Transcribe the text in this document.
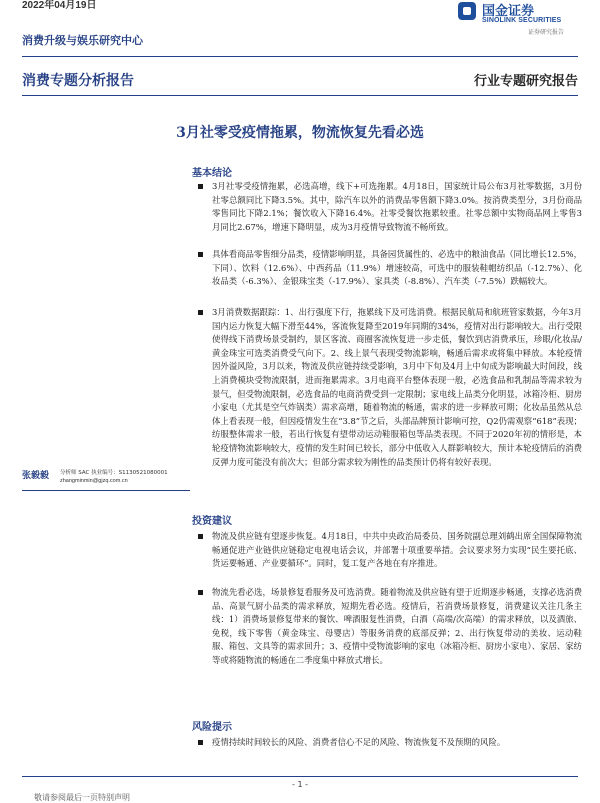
2022年04月19日
消费升级与娱乐研究中心
国金证券
SINOLINK SECURITIES
证券研究报告
消费专题分析报告	行业专题研究报告
3月社零受疫情拖累，物流恢复先看必选
基本结论

3月社零受疫情拖累，必选高增，线下+可选拖累。4月18日，国家统计局公布3月社零数据，3月份社零总额同比下降3.5%。其中，除汽车以外的消费品零售额下降3.0%。按消费类型分，3月份商品零售同比下降2.1%；餐饮收入下降16.4%。社零受餐饮拖累较重。社零总额中实物商品网上零售3月同比2.67%，增速下降明显，成为3月疫情导致物流不畅所致。

具体看商品零售细分品类，疫情影响明显，具备园货属性的、必选中的粮油食品（同比增长12.5%，下同）、饮料（12.6%）、中西药品（11.9%）增速较高，可选中的服装鞋帽纺织品（-12.7%）、化妆品类（-6.3%）、金银珠宝类（-17.9%）、家具类（-8.8%）、汽车类（-7.5%）跌幅较大。

3月消费数据跟踪：1、出行强度下行，拖累线下及可选消费。根据民航局和航班管家数据，今年3月国内运力恢复大幅下滑至44%，客流恢复降至2019年同期的34%，疫情对出行影响较大。出行受限使得线下消费场景受制约，景区客流、商圈客流恢复进一步走低，餐饮到店消费承压，珍眼/化妆品/黄金珠宝可选类消费受气向下。2、线上景气表现受物流影响，畅通后需求或将集中释放。本轮疫情因外溢风险，3月以来，物流及供应链持续受影响，3月中下旬及4月上中旬成为影响最大时间段，线上消费模块受物流限制，进而拖累需求。3月电商平台整体表现一般，必选食品和乳制品等需求较为景气，但受物流限制，必选食品的电商消费受到一定限制；家电线上品类分化明显，冰箱冷柜、厨房小家电（尤其是空气炸锅类）需求高增，随着物流的畅通，需求的进一步释放可期；化妆品虽然从总体上看表现一般，但因疫情发生在“3.8”节之后，头部品牌预计影响可控，Q2仍需观察“618”表现；纺服整体需求一般，若出行恢复有望带动运动鞋服箱包等品类表现。不同于2020年初的情形是，本轮疫情物流影响较大，疫情的发生时间已较长，部分中低收入人群影响较大，预计本轮疫情后的消费反弹力度可能没有前次大；但部分需求较为刚性的品类预计仍将有较好表现。

投资建议

物流及供应链有望逐步恢复。4月18日，中共中央政治局委员、国务院副总理刘鹤出席全国保障物流畅通促进产业链供应链稳定电视电话会议，并部署十项重要举措。会议要求努力实现“民生要托底、货运要畅通、产业要循环”。同时，复工复产各地在有序推进。

物流先看必选，场景修复看服务及可选消费。随着物流及供应链有望于近期逐步畅通，支撑必选消费品、高景气厨小品类的需求释放，短期先看必选。疫情后，若消费场景修复，消费建议关注几条主线：1）消费场景修复带来的餐饮、啤酒服复性消费，白酒（高端/次高端）的需求释放，以及酒旅、免税，线下零售（黄金珠宝、母婴店）等服务消费的底部反弹；2、出行恢复带动的美妆、运动鞋服、箱包、文具等的需求回升；3、疫情中受物流影响的家电（冰箱冷柜、厨房小家电）、家居、家纺等或将随物流的畅通在二季度集中释放式增长。

风险提示

疫情持续时间较长的风险、消费者信心不足的风险、物流恢复不及预期的风险。

张毅毅 分析师 SAC 执业编号：S1130521080001
zhangminmin@gjzq.com.cn
- 1 -
敬请参阅最后一页特别声明
